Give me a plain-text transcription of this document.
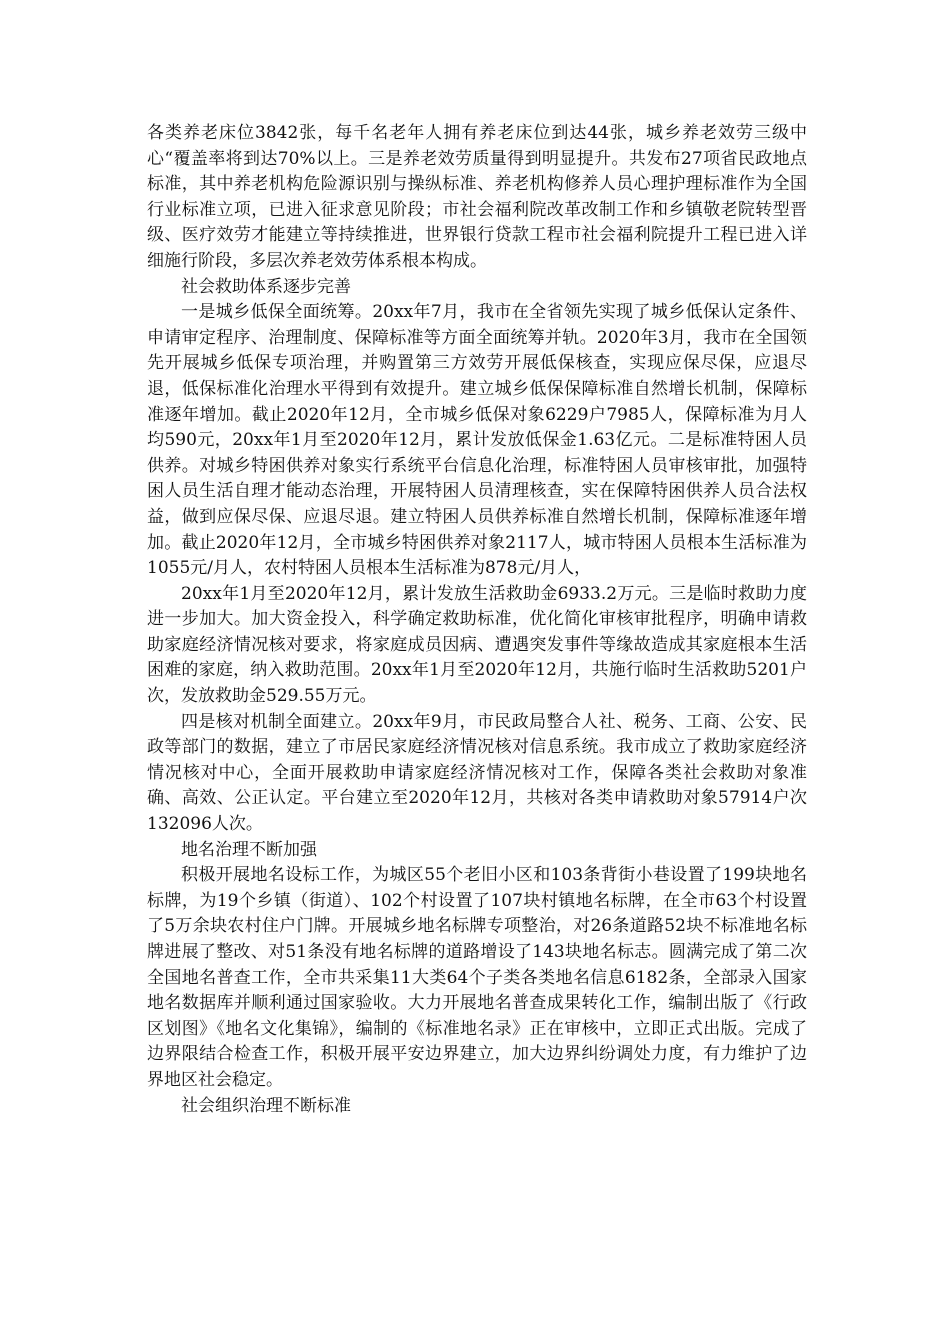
各类养老床位3842张，每千名老年人拥有养老床位到达44张，城乡养老效劳三级中心“覆盖率将到达70%以上。三是养老效劳质量得到明显提升。共发布27项省民政地点标准，其中养老机构危险源识别与操纵标准、养老机构修养人员心理护理标准作为全国行业标准立项，已进入征求意见阶段；市社会福利院改革改制工作和乡镇敬老院转型晋级、医疗效劳才能建立等持续推进，世界银行贷款工程市社会福利院提升工程已进入详细施行阶段，多层次养老效劳体系根本构成。

社会救助体系逐步完善

一是城乡低保全面统筹。20xx年7月，我市在全省领先实现了城乡低保认定条件、申请审定程序、治理制度、保障标准等方面全面统筹并轨。2020年3月，我市在全国领先开展城乡低保专项治理，并购置第三方效劳开展低保核查，实现应保尽保，应退尽退，低保标准化治理水平得到有效提升。建立城乡低保保障标准自然增长机制，保障标准逐年增加。截止2020年12月，全市城乡低保对象6229户7985人，保障标准为月人均590元，20xx年1月至2020年12月，累计发放低保金1.63亿元。二是标准特困人员供养。对城乡特困供养对象实行系统平台信息化治理，标准特困人员审核审批，加强特困人员生活自理才能动态治理，开展特困人员清理核查，实在保障特困供养人员合法权益，做到应保尽保、应退尽退。建立特困人员供养标准自然增长机制，保障标准逐年增加。截止2020年12月，全市城乡特困供养对象2117人，城市特困人员根本生活标准为1055元/月人，农村特困人员根本生活标准为878元/月人，

20xx年1月至2020年12月，累计发放生活救助金6933.2万元。三是临时救助力度进一步加大。加大资金投入，科学确定救助标准，优化简化审核审批程序，明确申请救助家庭经济情况核对要求，将家庭成员因病、遭遇突发事件等缘故造成其家庭根本生活困难的家庭，纳入救助范围。20xx年1月至2020年12月，共施行临时生活救助5201户次，发放救助金529.55万元。

四是核对机制全面建立。20xx年9月，市民政局整合人社、税务、工商、公安、民政等部门的数据，建立了市居民家庭经济情况核对信息系统。我市成立了救助家庭经济情况核对中心，全面开展救助申请家庭经济情况核对工作，保障各类社会救助对象准确、高效、公正认定。平台建立至2020年12月，共核对各类申请救助对象57914户次132096人次。

地名治理不断加强

积极开展地名设标工作，为城区55个老旧小区和103条背街小巷设置了199块地名标牌，为19个乡镇（街道）、102个村设置了107块村镇地名标牌，在全市63个村设置了5万余块农村住户门牌。开展城乡地名标牌专项整治，对26条道路52块不标准地名标牌进展了整改、对51条没有地名标牌的道路增设了143块地名标志。圆满完成了第二次全国地名普查工作，全市共采集11大类64个子类各类地名信息6182条，全部录入国家地名数据库并顺利通过国家验收。大力开展地名普查成果转化工作，编制出版了《行政区划图》《地名文化集锦》，编制的《标准地名录》正在审核中，立即正式出版。完成了边界限结合检查工作，积极开展平安边界建立，加大边界纠纷调处力度，有力维护了边界地区社会稳定。

社会组织治理不断标准
